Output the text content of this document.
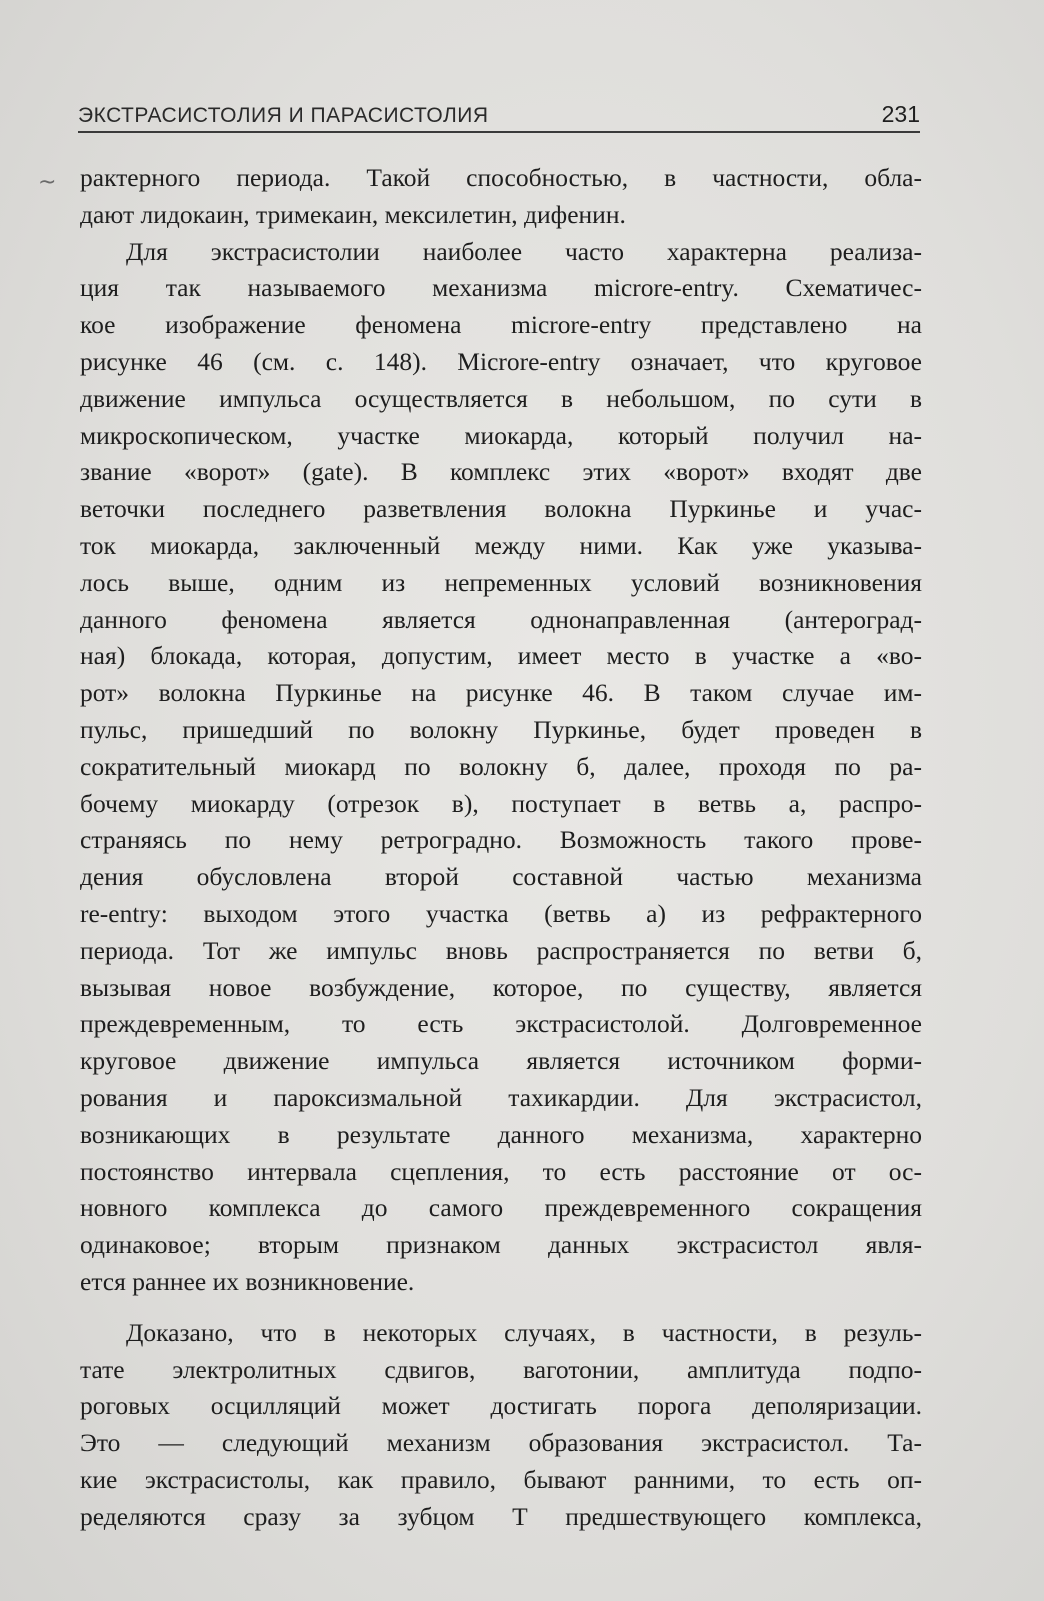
~
ЭКСТРАСИСТОЛИЯ И ПАРАСИСТОЛИЯ	231
рактерного периода. Такой способностью, в частности, обла-
дают лидокаин, тримекаин, мексилетин, дифенин.
Для экстрасистолии наиболее часто характерна реализа-
ция так называемого механизма microre-entry. Схематичес-
кое изображение феномена microre-entry представлено на
рисунке 46 (см. с. 148). Microre-entry означает, что круговое
движение импульса осуществляется в небольшом, по сути в
микроскопическом, участке миокарда, который получил на-
звание «ворот» (gate). В комплекс этих «ворот» входят две
веточки последнего разветвления волокна Пуркинье и учас-
ток миокарда, заключенный между ними. Как уже указыва-
лось выше, одним из непременных условий возникновения
данного феномена является однонаправленная (антероград-
ная) блокада, которая, допустим, имеет место в участке а «во-
рот» волокна Пуркинье на рисунке 46. В таком случае им-
пульс, пришедший по волокну Пуркинье, будет проведен в
сократительный миокард по волокну б, далее, проходя по ра-
бочему миокарду (отрезок в), поступает в ветвь а, распро-
страняясь по нему ретроградно. Возможность такого прове-
дения обусловлена второй составной частью механизма
re-entry: выходом этого участка (ветвь а) из рефрактерного
периода. Тот же импульс вновь распространяется по ветви б,
вызывая новое возбуждение, которое, по существу, является
преждевременным, то есть экстрасистолой. Долговременное
круговое движение импульса является источником форми-
рования и пароксизмальной тахикардии. Для экстрасистол,
возникающих в результате данного механизма, характерно
постоянство интервала сцепления, то есть расстояние от ос-
новного комплекса до самого преждевременного сокращения
одинаковое; вторым признаком данных экстрасистол явля-
ется раннее их возникновение.
Доказано, что в некоторых случаях, в частности, в резуль-
тате электролитных сдвигов, ваготонии, амплитуда подпо-
роговых осцилляций может достигать порога деполяризации.
Это — следующий механизм образования экстрасистол. Та-
кие экстрасистолы, как правило, бывают ранними, то есть оп-
ределяются сразу за зубцом Т предшествующего комплекса,
